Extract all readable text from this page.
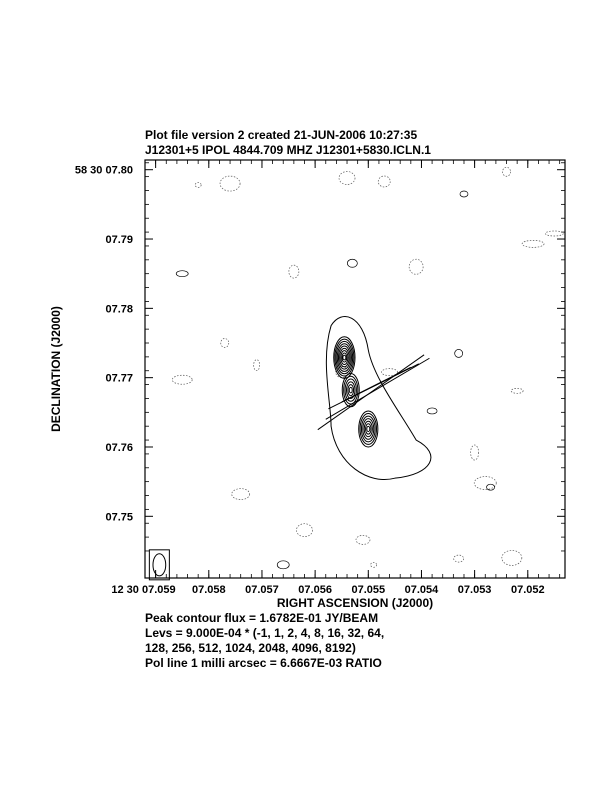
Plot file version 2 created 21-JUN-2006 10:27:35
J12301+5 IPOL 4844.709 MHZ J12301+5830.ICLN.1
12 30 07.059 07.058 07.057 07.056 07.055 07.054 07.053 07.052
58 30 07.80
07.79
07.78
07.77
07.76
07.75
RIGHT ASCENSION (J2000)
DECLINATION (J2000)
Peak contour flux = 1.6782E-01 JY/BEAM
Levs = 9.000E-04 * (-1, 1, 2, 4, 8, 16, 32, 64,
128, 256, 512, 1024, 2048, 4096, 8192)
Pol line 1 milli arcsec = 6.6667E-03 RATIO
